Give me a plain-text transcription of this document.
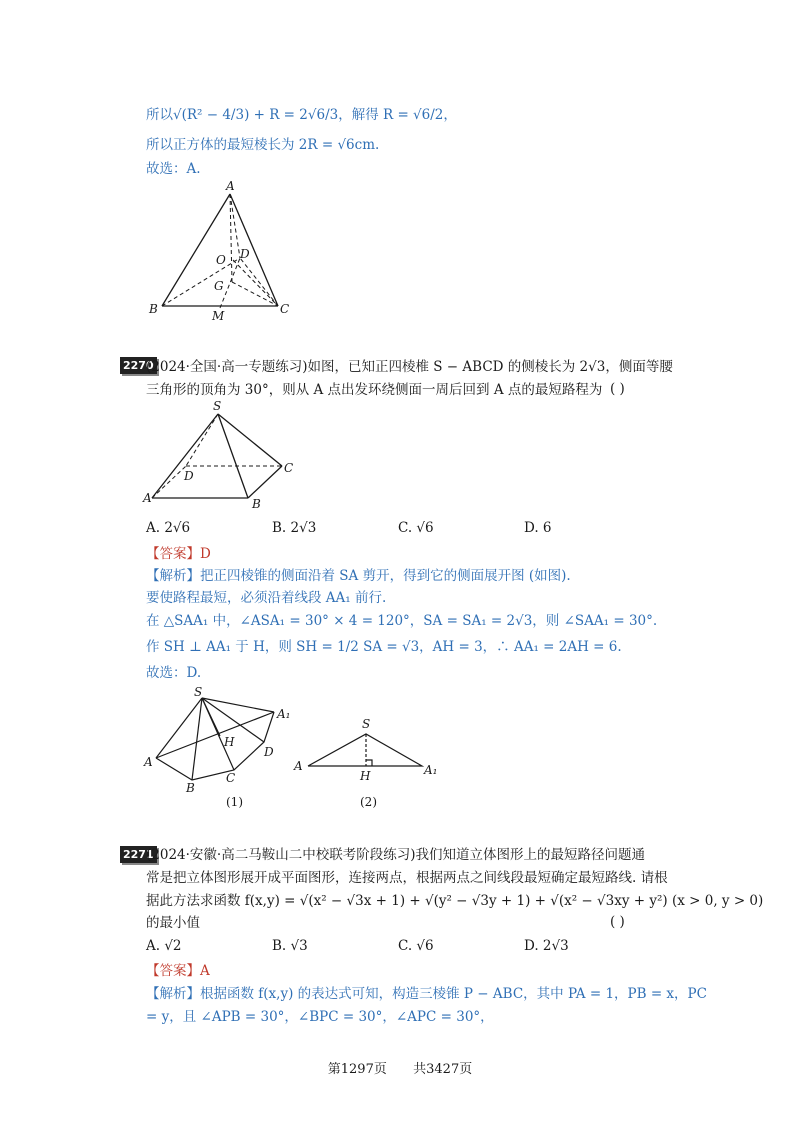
所以√(R² − 4/3) + R = 2√6/3，解得 R = √6/2，
所以正方体的最短棱长为 2R = √6cm.
故选：A.
A
O D
G
B	M	C
2270
(2024·全国·高一专题练习)如图，已知正四棱椎 S − ABCD 的侧棱长为 2√3，侧面等腰
三角形的顶角为 30°，则从 A 点出发环绕侧面一周后回到 A 点的最短路程为 ( )
S
C
D
A	B
A. 2√6	B. 2√3	C. √6	D. 6
【答案】D
【解析】把正四棱锥的侧面沿着 SA 剪开，得到它的侧面展开图 (如图).
要使路程最短，必须沿着线段 AA₁ 前行.
在 △SAA₁ 中，∠ASA₁ = 30° × 4 = 120°，SA = SA₁ = 2√3，则 ∠SAA₁ = 30°.
作 SH ⊥ AA₁ 于 H，则 SH = 1/2 SA = √3，AH = 3，∴ AA₁ = 2AH = 6.
故选：D.
S
A₁
H
D
A
C
B
(1)
S
A
H	A₁
(2)
2271
(2024·安徽·高二马鞍山二中校联考阶段练习)我们知道立体图形上的最短路径问题通
常是把立体图形展开成平面图形，连接两点，根据两点之间线段最短确定最短路线. 请根
据此方法求函数 f(x,y) = √(x² − √3x + 1) + √(y² − √3y + 1) + √(x² − √3xy + y²) (x > 0, y > 0)
的最小值	( )
A. √2	B. √3	C. √6	D. 2√3
【答案】A
【解析】根据函数 f(x,y) 的表达式可知，构造三棱锥 P − ABC，其中 PA = 1，PB = x，PC
= y，且 ∠APB = 30°，∠BPC = 30°，∠APC = 30°，
第1297页 共3427页
